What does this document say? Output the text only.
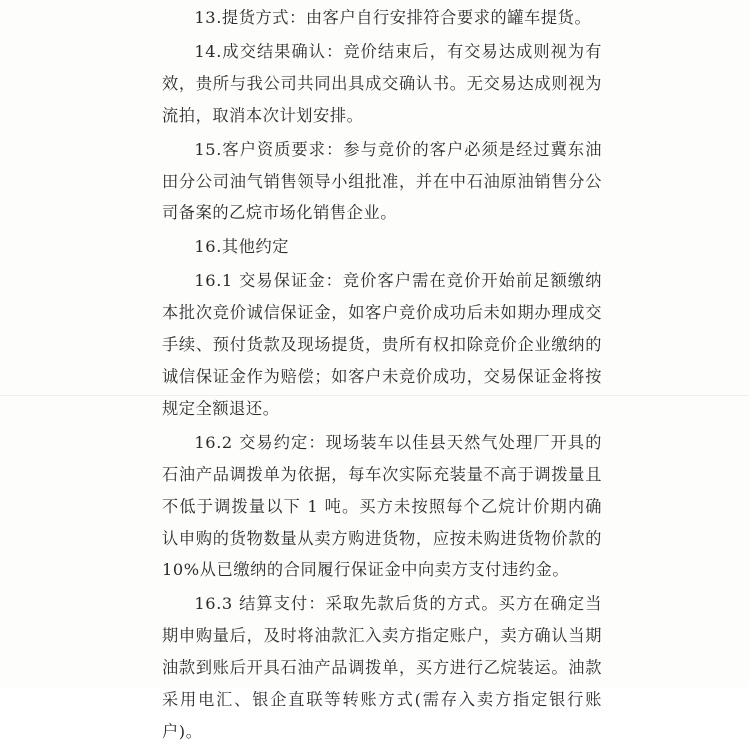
13.提货方式：由客户自行安排符合要求的罐车提货。

14.成交结果确认：竞价结束后，有交易达成则视为有效，贵所与我公司共同出具成交确认书。无交易达成则视为流拍，取消本次计划安排。

15.客户资质要求：参与竞价的客户必须是经过冀东油田分公司油气销售领导小组批准，并在中石油原油销售分公司备案的乙烷市场化销售企业。

16.其他约定

16.1 交易保证金：竞价客户需在竞价开始前足额缴纳本批次竞价诚信保证金，如客户竞价成功后未如期办理成交手续、预付货款及现场提货，贵所有权扣除竞价企业缴纳的诚信保证金作为赔偿；如客户未竞价成功，交易保证金将按规定全额退还。

16.2 交易约定：现场装车以佳县天然气处理厂开具的石油产品调拨单为依据，每车次实际充装量不高于调拨量且不低于调拨量以下 1 吨。买方未按照每个乙烷计价期内确认申购的货物数量从卖方购进货物，应按未购进货物价款的 10%从已缴纳的合同履行保证金中向卖方支付违约金。

16.3 结算支付：采取先款后货的方式。买方在确定当期申购量后，及时将油款汇入卖方指定账户，卖方确认当期油款到账后开具石油产品调拨单，买方进行乙烷装运。油款采用电汇、银企直联等转账方式(需存入卖方指定银行账户)。
